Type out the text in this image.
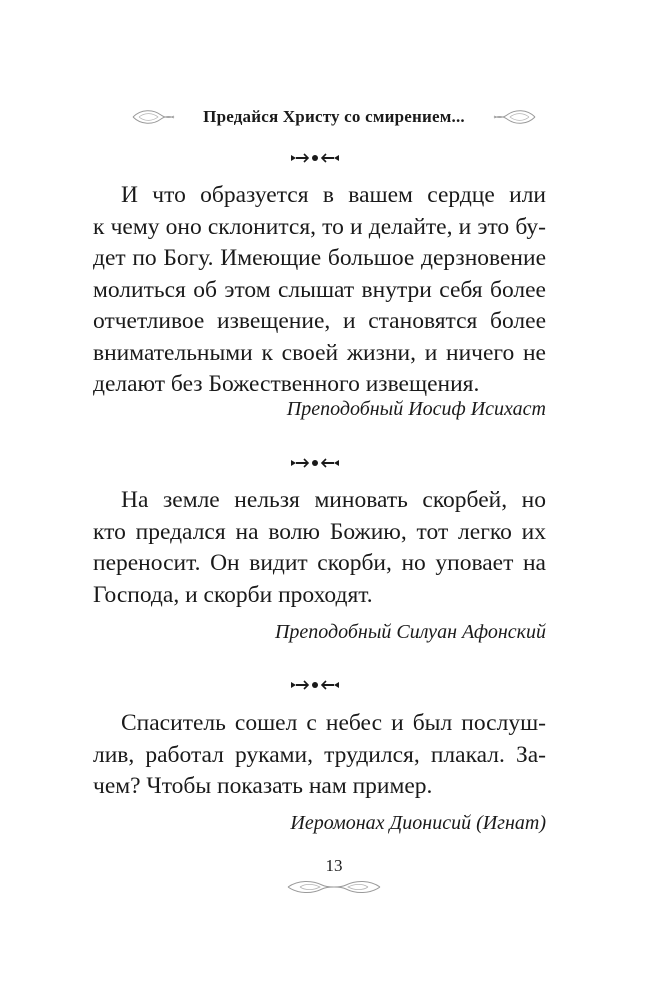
Предайся Христу со смирением...

И что образуется в вашем сердце или
к чему оно склонится, то и делайте, и это бу-
дет по Богу. Имеющие большое дерзновение
молиться об этом слышат внутри себя более
отчетливое извещение, и становятся более
внимательными к своей жизни, и ничего не
делают без Божественного извещения.

Преподобный Иосиф Исихаст

На земле нельзя миновать скорбей, но
кто предался на волю Божию, тот легко их
переносит. Он видит скорби, но уповает на
Господа, и скорби проходят.

Преподобный Силуан Афонский

Спаситель сошел с небес и был послуш-
лив, работал руками, трудился, плакал. За-
чем? Чтобы показать нам пример.

Иеромонах Дионисий (Игнат)
13
